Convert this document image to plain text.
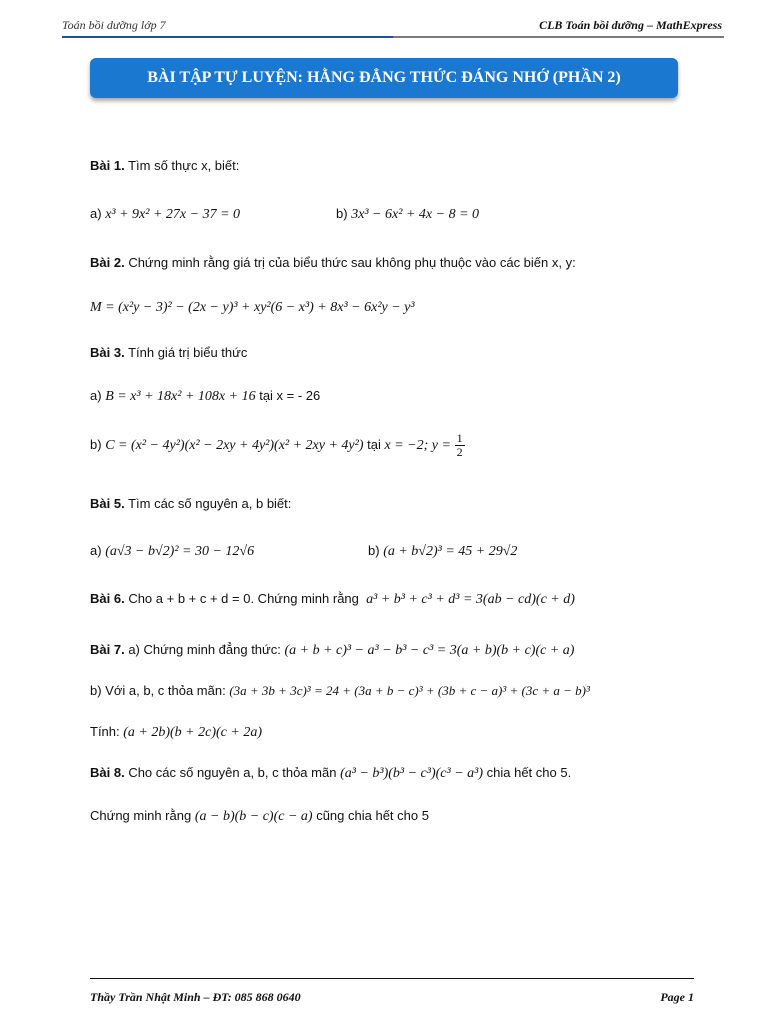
Toán bồi dưỡng lớp 7	CLB Toán bồi dưỡng – MathExpress
BÀI TẬP TỰ LUYỆN: HẰNG ĐẲNG THỨC ĐÁNG NHỚ (PHẦN 2)
Bài 1. Tìm số thực x, biết:
a) x³ + 9x² + 27x − 37 = 0	b) 3x³ − 6x² + 4x − 8 = 0
Bài 2. Chứng minh rằng giá trị của biểu thức sau không phụ thuộc vào các biến x, y:
M = (x²y − 3)² − (2x − y)³ + xy²(6 − x³) + 8x³ − 6x²y − y³
Bài 3. Tính giá trị biểu thức
a) B = x³ + 18x² + 108x + 16 tại x = - 26
b) C = (x² − 4y²)(x² − 2xy + 4y²)(x² + 2xy + 4y²) tại x = −2; $y = \frac{1}{2}$
Bài 5. Tìm các số nguyên a, b biết:
a) (a√3 − b√2)² = 30 − 12√6	b) (a + b√2)³ = 45 + 29√2
Bài 6. Cho a + b + c + d = 0. Chứng minh rằng a³ + b³ + c³ + d³ = 3(ab − cd)(c + d)
Bài 7. a) Chứng minh đẳng thức: (a + b + c)³ − a³ − b³ − c³ = 3(a + b)(b + c)(c + a)
b) Với a, b, c thỏa mãn: (3a + 3b + 3c)³ = 24 + (3a + b − c)³ + (3b + c − a)³ + (3c + a − b)³
Tính: (a + 2b)(b + 2c)(c + 2a)
Bài 8. Cho các số nguyên a, b, c thỏa mãn (a³ − b³)(b³ − c³)(c³ − a³) chia hết cho 5.
Chứng minh rằng (a − b)(b − c)(c − a) cũng chia hết cho 5
Thầy Trần Nhật Minh – ĐT: 085 868 0640	Page 1
